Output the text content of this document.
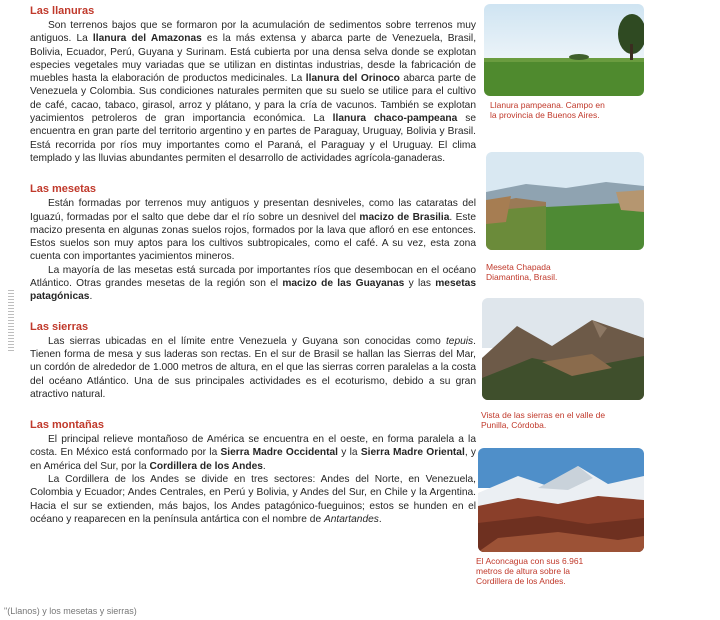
Las llanuras

Son terrenos bajos que se formaron por la acumulación de sedimentos sobre terrenos muy antiguos. La llanura del Amazonas es la más extensa y abarca parte de Venezuela, Brasil, Bolivia, Ecuador, Perú, Guyana y Surinam. Está cubierta por una densa selva donde se explotan especies vegetales muy variadas que se utilizan en distintas industrias, desde la fabricación de muebles hasta la elaboración de productos medicinales. La llanura del Orinoco abarca parte de Venezuela y Colombia. Sus condiciones naturales permiten que su suelo se utilice para el cultivo de café, cacao, tabaco, girasol, arroz y plátano, y para la cría de vacunos. También se explotan yacimientos petroleros de gran importancia económica. La llanura chaco-pampeana se encuentra en gran parte del territorio argentino y en partes de Paraguay, Uruguay, Bolivia y Brasil. Está recorrida por ríos muy importantes como el Paraná, el Paraguay y el Uruguay. El clima templado y las lluvias abundantes permiten el desarrollo de actividades agrícola-ganaderas.

Las mesetas

Están formadas por terrenos muy antiguos y presentan desniveles, como las cataratas del Iguazú, formadas por el salto que debe dar el río sobre un desnivel del macizo de Brasilia. Este macizo presenta en algunas zonas suelos rojos, formados por la lava que afloró en ese entonces. Estos suelos son muy aptos para los cultivos subtropicales, como el café. A su vez, esta zona cuenta con importantes yacimientos mineros.

La mayoría de las mesetas está surcada por importantes ríos que desembocan en el océano Atlántico. Otras grandes mesetas de la región son el macizo de las Guayanas y las mesetas patagónicas.

Las sierras

Las sierras ubicadas en el límite entre Venezuela y Guyana son conocidas como tepuis. Tienen forma de mesa y sus laderas son rectas. En el sur de Brasil se hallan las Sierras del Mar, un cordón de alrededor de 1.000 metros de altura, en el que las sierras corren paralelas a la costa del océano Atlántico. Una de sus principales actividades es el ecoturismo, debido a su gran atractivo natural.

Las montañas

El principal relieve montañoso de América se encuentra en el oeste, en forma paralela a la costa. En México está conformado por la Sierra Madre Occidental y la Sierra Madre Oriental, y en América del Sur, por la Cordillera de los Andes.

La Cordillera de los Andes se divide en tres sectores: Andes del Norte, en Venezuela, Colombia y Ecuador; Andes Centrales, en Perú y Bolivia, y Andes del Sur, en Chile y la Argentina. Hacia el sur se extienden, más bajos, los Andes patagónico-fueguinos; estos se hunden en el océano y reaparecen en la península antártica con el nombre de Antartandes.

Llanura pampeana. Campo en la provincia de Buenos Aires.
Meseta Chapada Diamantina, Brasil.
Vista de las sierras en el valle de Punilla, Córdoba.
El Aconcagua con sus 6.961 metros de altura sobre la Cordillera de los Andes.
"(Llanos) y los mesetas y sierras)
